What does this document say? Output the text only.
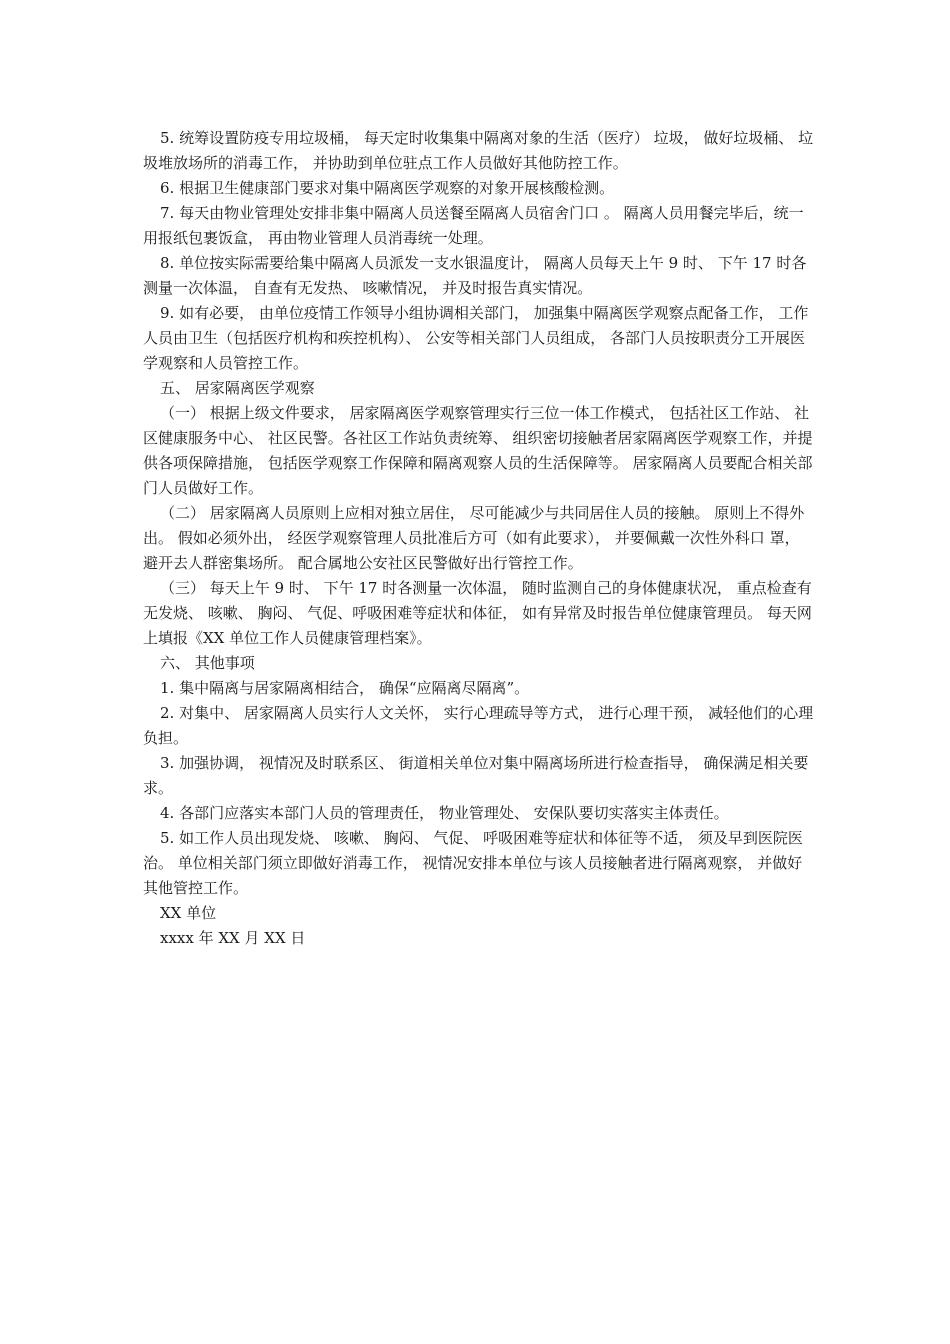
5. 统筹设置防疫专用垃圾桶， 每天定时收集集中隔离对象的生活（医疗） 垃圾， 做好垃圾桶、 垃圾堆放场所的消毒工作， 并协助到单位驻点工作人员做好其他防控工作。

6. 根据卫生健康部门要求对集中隔离医学观察的对象开展核酸检测。

7. 每天由物业管理处安排非集中隔离人员送餐至隔离人员宿舍门口 。 隔离人员用餐完毕后，统一用报纸包裹饭盒， 再由物业管理人员消毒统一处理。

8. 单位按实际需要给集中隔离人员派发一支水银温度计， 隔离人员每天上午 9 时、 下午 17 时各测量一次体温， 自查有无发热、 咳嗽情况， 并及时报告真实情况。

9. 如有必要， 由单位疫情工作领导小组协调相关部门， 加强集中隔离医学观察点配备工作， 工作人员由卫生（包括医疗机构和疾控机构）、 公安等相关部门人员组成， 各部门人员按职责分工开展医学观察和人员管控工作。

五、 居家隔离医学观察

（一） 根据上级文件要求， 居家隔离医学观察管理实行三位一体工作模式， 包括社区工作站、 社区健康服务中心、 社区民警。各社区工作站负责统筹、 组织密切接触者居家隔离医学观察工作，并提供各项保障措施， 包括医学观察工作保障和隔离观察人员的生活保障等。 居家隔离人员要配合相关部门人员做好工作。

（二） 居家隔离人员原则上应相对独立居住， 尽可能减少与共同居住人员的接触。 原则上不得外出。 假如必须外出， 经医学观察管理人员批准后方可（如有此要求）， 并要佩戴一次性外科口 罩， 避开去人群密集场所。 配合属地公安社区民警做好出行管控工作。

（三） 每天上午 9 时、 下午 17 时各测量一次体温， 随时监测自己的身体健康状况， 重点检查有无发烧、 咳嗽、 胸闷、 气促、呼吸困难等症状和体征， 如有异常及时报告单位健康管理员。 每天网上填报《XX 单位工作人员健康管理档案》。

六、 其他事项

1. 集中隔离与居家隔离相结合， 确保“应隔离尽隔离”。

2. 对集中、 居家隔离人员实行人文关怀， 实行心理疏导等方式， 进行心理干预， 减轻他们的心理负担。

3. 加强协调， 视情况及时联系区、 街道相关单位对集中隔离场所进行检查指导， 确保满足相关要求。

4. 各部门应落实本部门人员的管理责任， 物业管理处、 安保队要切实落实主体责任。

5. 如工作人员出现发烧、 咳嗽、 胸闷、 气促、 呼吸困难等症状和体征等不适， 须及早到医院医治。 单位相关部门须立即做好消毒工作， 视情况安排本单位与该人员接触者进行隔离观察， 并做好其他管控工作。

XX 单位

xxxx 年 XX 月 XX 日
